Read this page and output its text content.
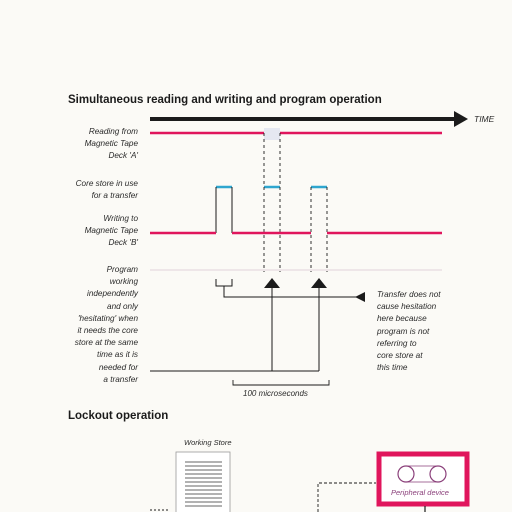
Simultaneous reading and writing and program operation
TIME
Reading from
Magnetic Tape
Deck 'A'
Core store in use
for a transfer
Writing to
Magnetic Tape
Deck 'B'
Program
working
independently
and only
'hesitating' when
it needs the core
store at the same
time as it is
needed for
a transfer
Transfer does not
cause hesitation
here because
program is not
referring to
core store at
this time
100 microseconds
Lockout operation
Working Store
Peripheral device
